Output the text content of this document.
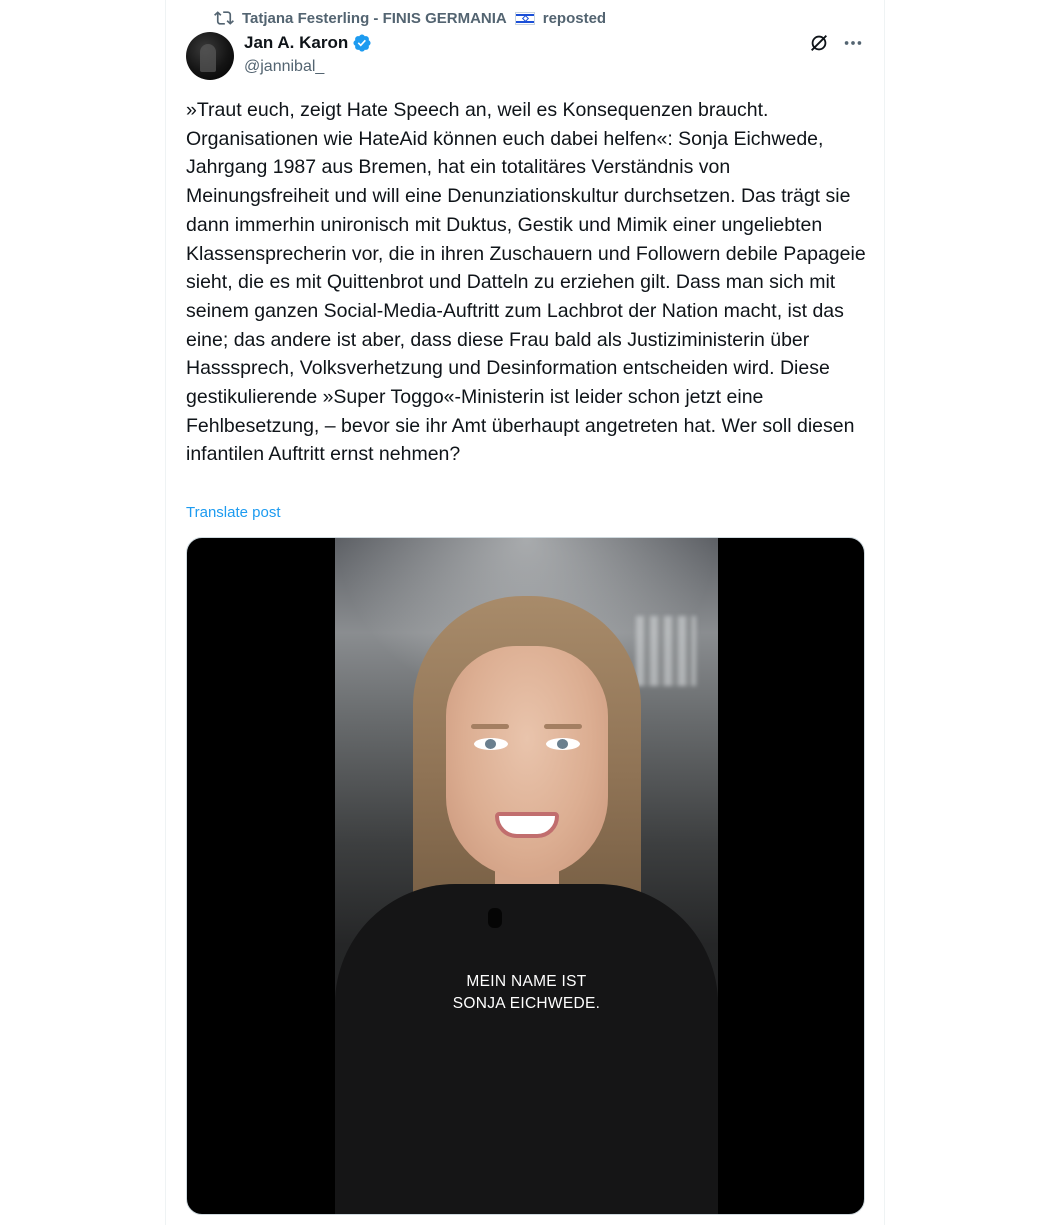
Tatjana Festerling - FINIS GERMANIA reposted
Jan A. Karon
@jannibal_
»Traut euch, zeigt Hate Speech an, weil es Konsequenzen braucht. Organisationen wie HateAid können euch dabei helfen«: Sonja Eichwede, Jahrgang 1987 aus Bremen, hat ein totalitäres Verständnis von Meinungsfreiheit und will eine Denunziationskultur durchsetzen. Das trägt sie dann immerhin unironisch mit Duktus, Gestik und Mimik einer ungeliebten Klassensprecherin vor, die in ihren Zuschauern und Followern debile Papageie sieht, die es mit Quittenbrot und Datteln zu erziehen gilt. Dass man sich mit seinem ganzen Social-Media-Auftritt zum Lachbrot der Nation macht, ist das eine; das andere ist aber, dass diese Frau bald als Justiziministerin über Hasssprech, Volksverhetzung und Desinformation entscheiden wird. Diese gestikulierende »Super Toggo«-Ministerin ist leider schon jetzt eine Fehlbesetzung, – bevor sie ihr Amt überhaupt angetreten hat. Wer soll diesen infantilen Auftritt ernst nehmen?
Translate post
MEIN NAME IST
SONJA EICHWEDE.
